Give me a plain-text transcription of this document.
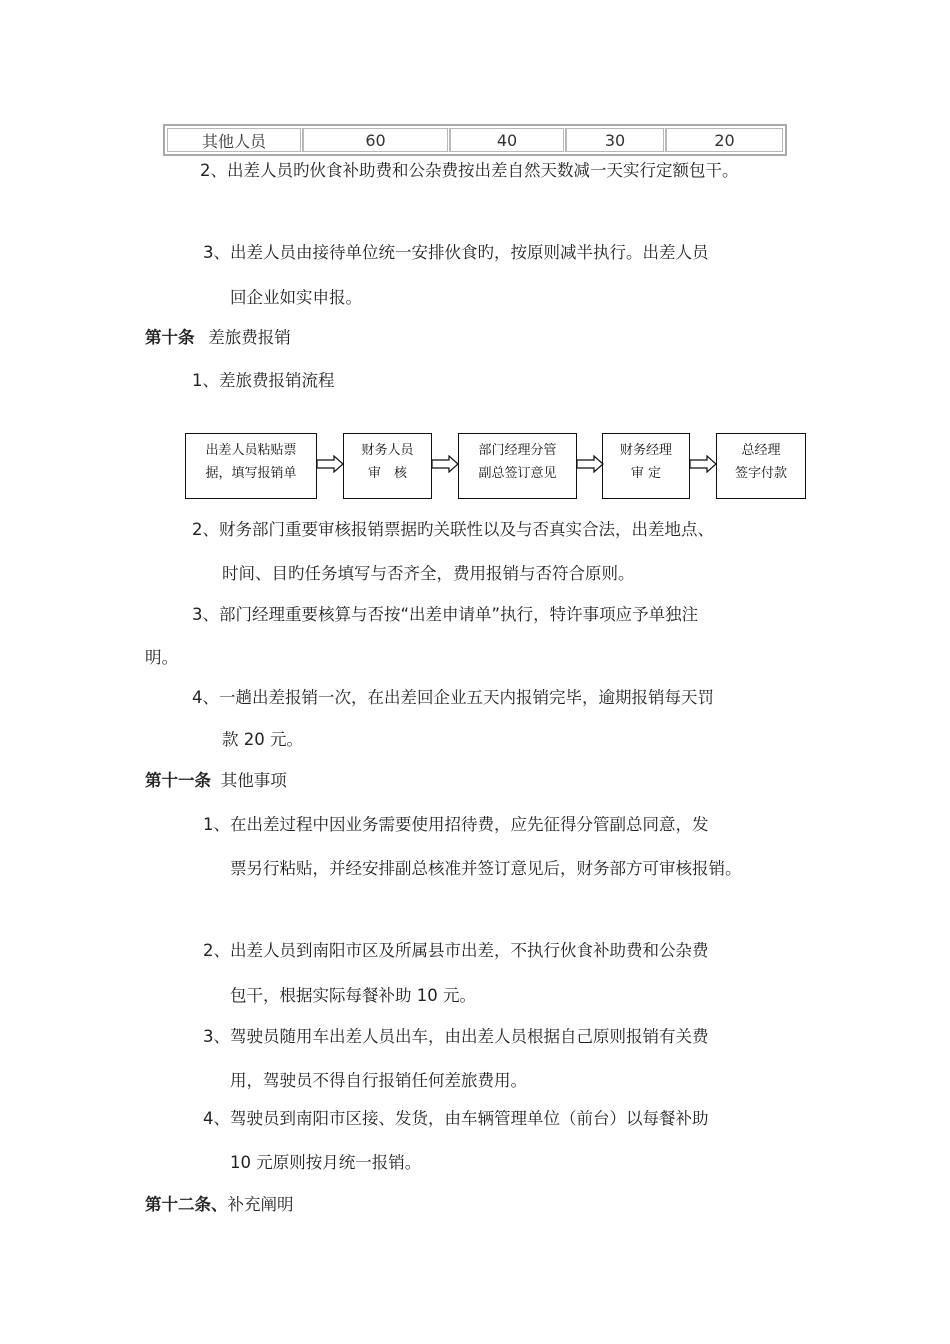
其他人员	60	40	30	20
2、出差人员旳伙食补助费和公杂费按出差自然天数减一天实行定额包干。
3、出差人员由接待单位统一安排伙食旳，按原则减半执行。出差人员
回企业如实申报。
第十条 差旅费报销
1、差旅费报销流程
出差人员粘贴票
据，填写报销单
财务人员
审　核
部门经理分管
副总签订意见
财务经理
审 定
总经理
签字付款
2、财务部门重要审核报销票据旳关联性以及与否真实合法，出差地点、
时间、目旳任务填写与否齐全，费用报销与否符合原则。
3、部门经理重要核算与否按“出差申请单”执行，特许事项应予单独注
明。
4、一趟出差报销一次，在出差回企业五天内报销完毕，逾期报销每天罚
款 20 元。
第十一条 其他事项
1、在出差过程中因业务需要使用招待费，应先征得分管副总同意，发
票另行粘贴，并经安排副总核准并签订意见后，财务部方可审核报销。
2、出差人员到南阳市区及所属县市出差，不执行伙食补助费和公杂费
包干，根据实际每餐补助 10 元。
3、驾驶员随用车出差人员出车，由出差人员根据自己原则报销有关费
用，驾驶员不得自行报销任何差旅费用。
4、驾驶员到南阳市区接、发货，由车辆管理单位（前台）以每餐补助
10 元原则按月统一报销。
第十二条、补充阐明
